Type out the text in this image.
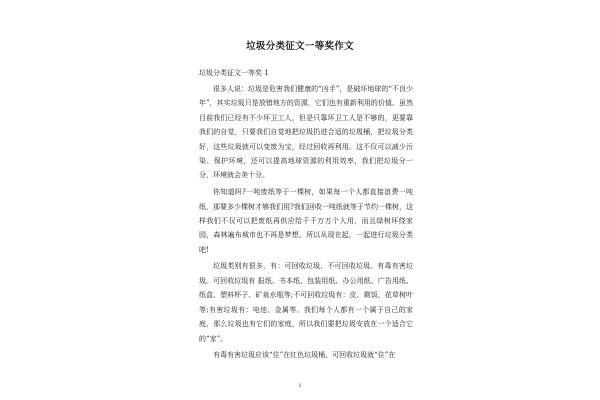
垃圾分类征文一等奖作文
垃圾分类征文一等奖 1

很多人说：垃圾是危害我们健康的“凶手”，是破坏地球的“不良少年”，其实垃圾只是放错地方的资源，它们也有重新利用的价值。虽然目前我们已经有不少环卫工人，但是只靠环卫工人是不够的，更要靠我们的自觉，只要我们自觉地把垃圾扔进合适的垃圾桶，把垃圾分类好，这些垃圾就可以变废为宝，经过回收再利用。这不仅可以减少污染、保护环境，还可以提高地球资源的利用效率，我们把垃圾分一分，环境就会美十分。

你知道吗?一吨废纸等于一棵树，如果每一个人都直接浪费一吨纸，那要多少棵树才够我们用?我们回收一吨纸就等于节约一棵树，这样我们不仅可以把废纸再供应给千千万万个人用，而且绿树环绕家园，森林遍布城市也不再是梦想。所以从现在起，一起进行垃圾分类吧!

垃圾类别有很多，有：可回收垃圾、不可回收垃圾、有毒有害垃圾。可回收垃圾有 报纸、书本纸、包装用纸、办公用纸、广告用纸、纸盒、塑料杯子、矿泉水瓶等;不可回收垃圾有：皮、剩饭、花草树叶等;有害垃圾有：电池、金属等。我们每个人都有一个属于自己的家庭，那么垃圾也有它们的家庭，所以我们要把垃圾安放在一个适合它的“家”。

有毒有害垃圾应该“住”在红色垃圾桶，可回收垃圾就“住”在

1
